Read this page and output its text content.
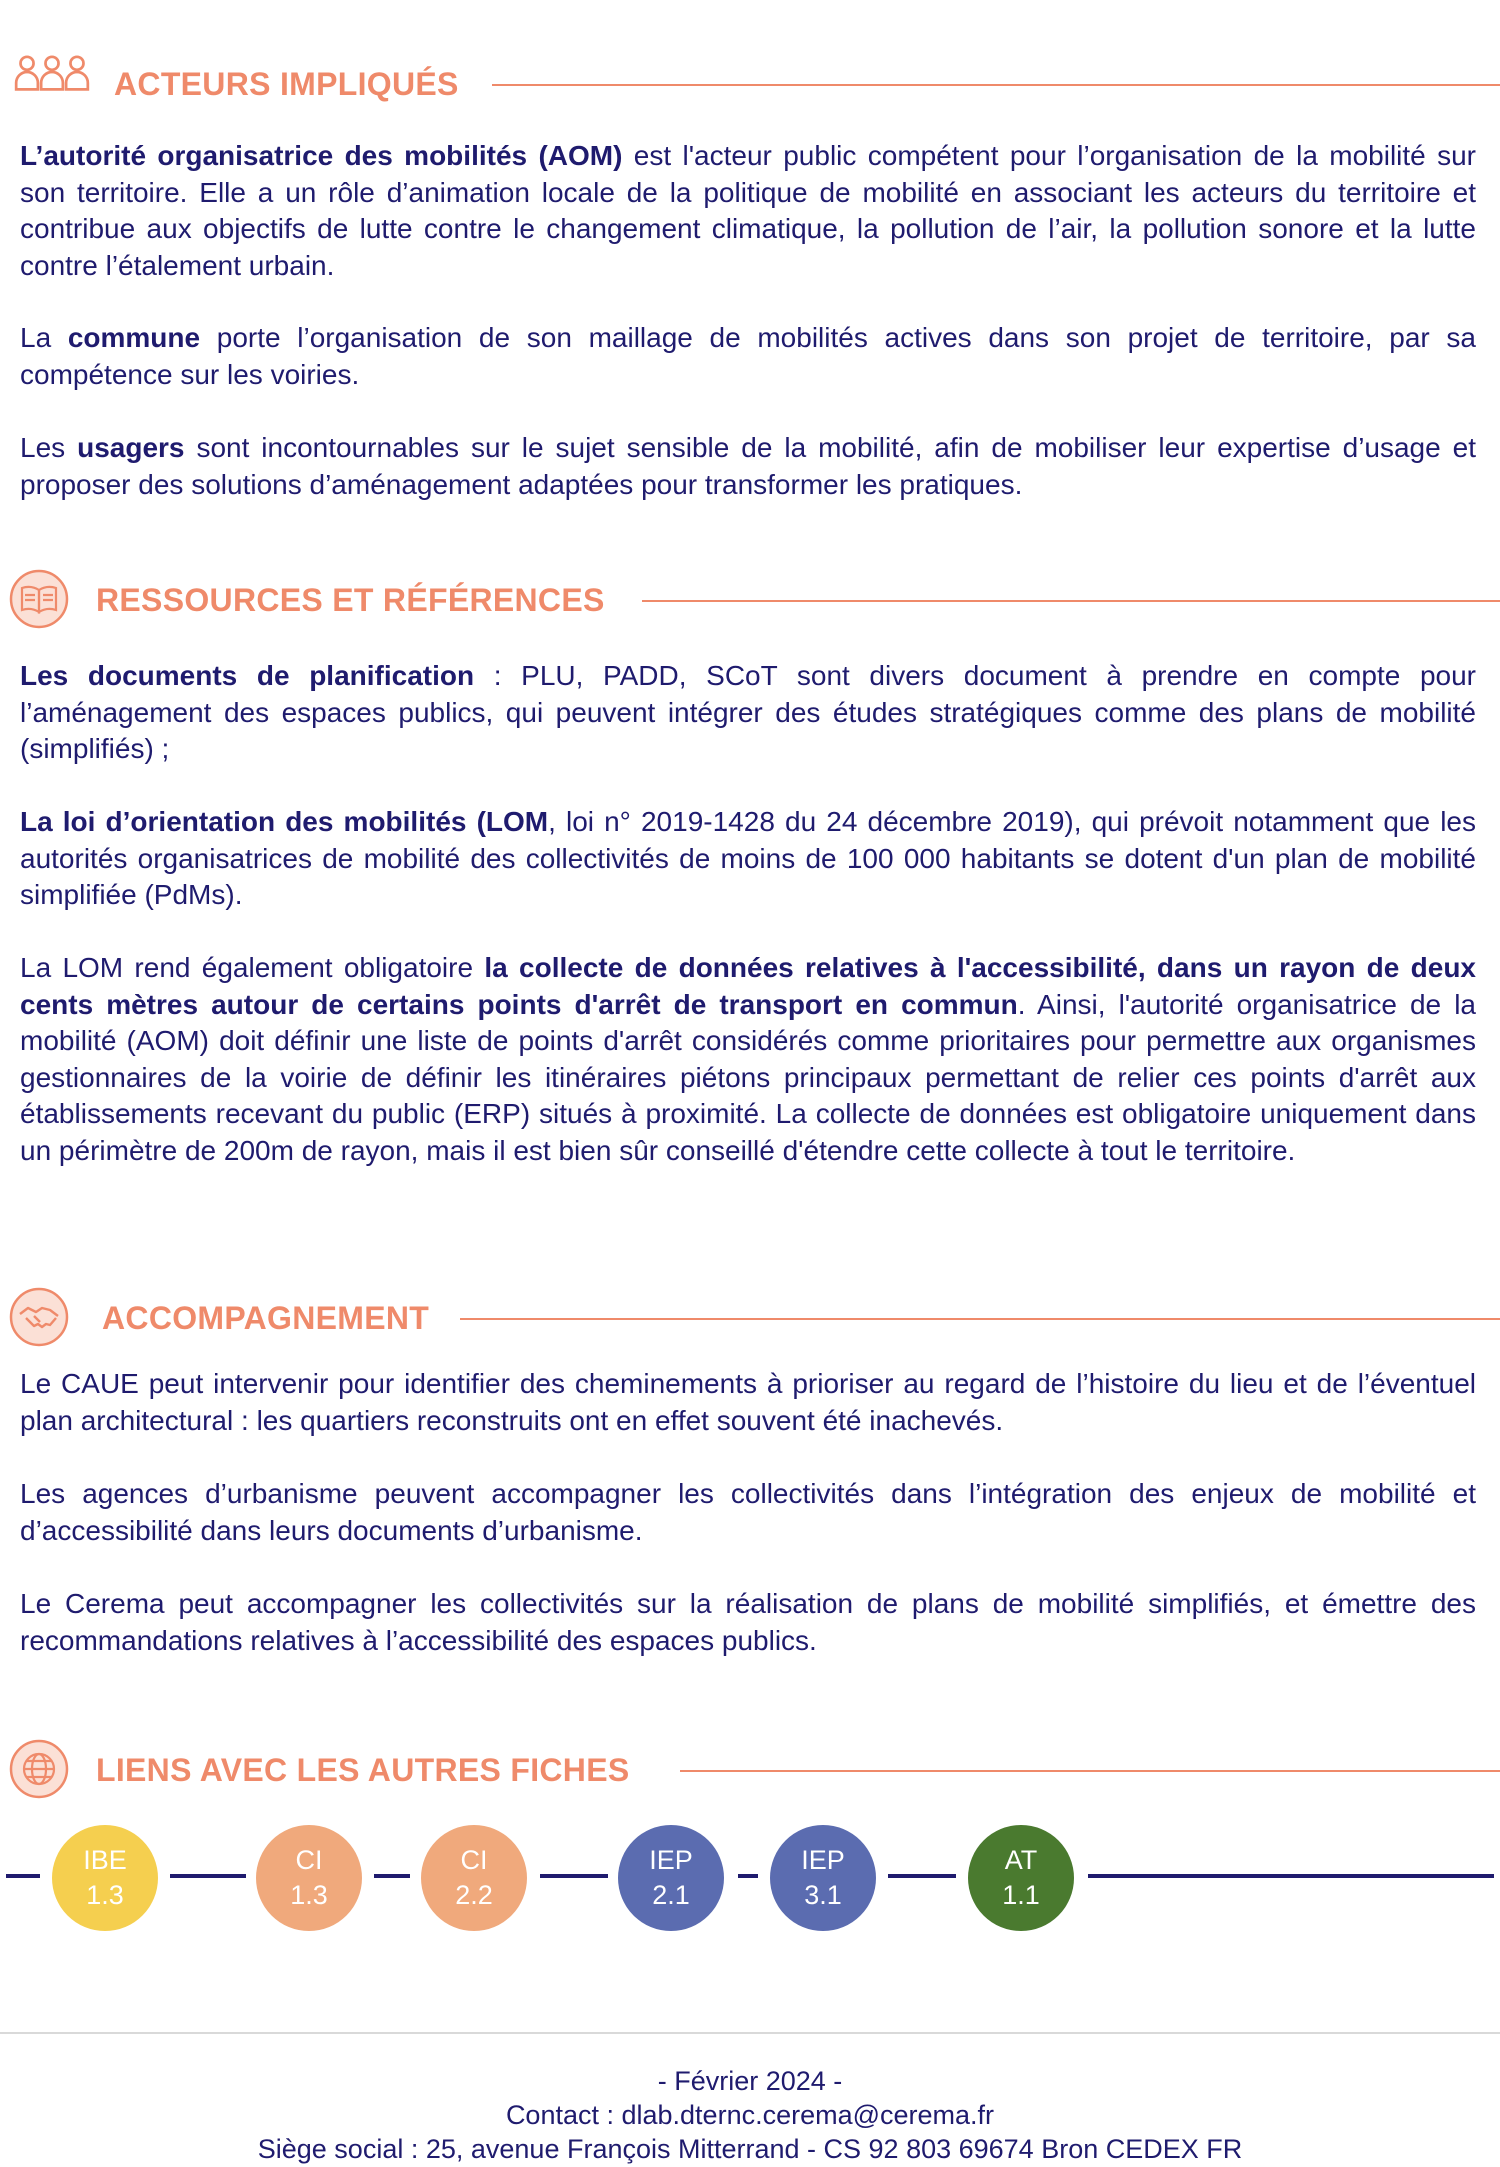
ACTEURS IMPLIQUÉS

L’autorité organisatrice des mobilités (AOM) est l'acteur public compétent pour l’organisation de la mobilité sur son territoire. Elle a un rôle d’animation locale de la politique de mobilité en associant les acteurs du territoire et contribue aux objectifs de lutte contre le changement climatique, la pollution de l’air, la pollution sonore et la lutte contre l’étalement urbain.

La commune porte l’organisation de son maillage de mobilités actives dans son projet de territoire, par sa compétence sur les voiries.

Les usagers sont incontournables sur le sujet sensible de la mobilité, afin de mobiliser leur expertise d’usage et proposer des solutions d’aménagement adaptées pour transformer les pratiques.

RESSOURCES ET RÉFÉRENCES

Les documents de planification : PLU, PADD, SCoT sont divers document à prendre en compte pour l’aménagement des espaces publics, qui peuvent intégrer des études stratégiques comme des plans de mobilité (simplifiés) ;

La loi d’orientation des mobilités (LOM, loi n° 2019-1428 du 24 décembre 2019), qui prévoit notamment que les autorités organisatrices de mobilité des collectivités de moins de 100 000 habitants se dotent d'un plan de mobilité simplifiée (PdMs).

La LOM rend également obligatoire la collecte de données relatives à l'accessibilité, dans un rayon de deux cents mètres autour de certains points d'arrêt de transport en commun. Ainsi, l'autorité organisatrice de la mobilité (AOM) doit définir une liste de points d'arrêt considérés comme prioritaires pour permettre aux organismes gestionnaires de la voirie de définir les itinéraires piétons principaux permettant de relier ces points d'arrêt aux établissements recevant du public (ERP) situés à proximité. La collecte de données est obligatoire uniquement dans un périmètre de 200m de rayon, mais il est bien sûr conseillé d'étendre cette collecte à tout le territoire.

ACCOMPAGNEMENT

Le CAUE peut intervenir pour identifier des cheminements à prioriser au regard de l’histoire du lieu et de l’éventuel plan architectural : les quartiers reconstruits ont en effet souvent été inachevés.

Les agences d’urbanisme peuvent accompagner les collectivités dans l’intégration des enjeux de mobilité et d’accessibilité dans leurs documents d’urbanisme.

Le Cerema peut accompagner les collectivités sur la réalisation de plans de mobilité simplifiés, et émettre des recommandations relatives à l’accessibilité des espaces publics.

LIENS AVEC LES AUTRES FICHES
IBE
1.3
CI
1.3
CI
2.2
IEP
2.1
IEP
3.1
AT
1.1
- Février 2024 -
Contact : dlab.dternc.cerema@cerema.fr
Siège social : 25, avenue François Mitterrand - CS 92 803 69674 Bron CEDEX FR
